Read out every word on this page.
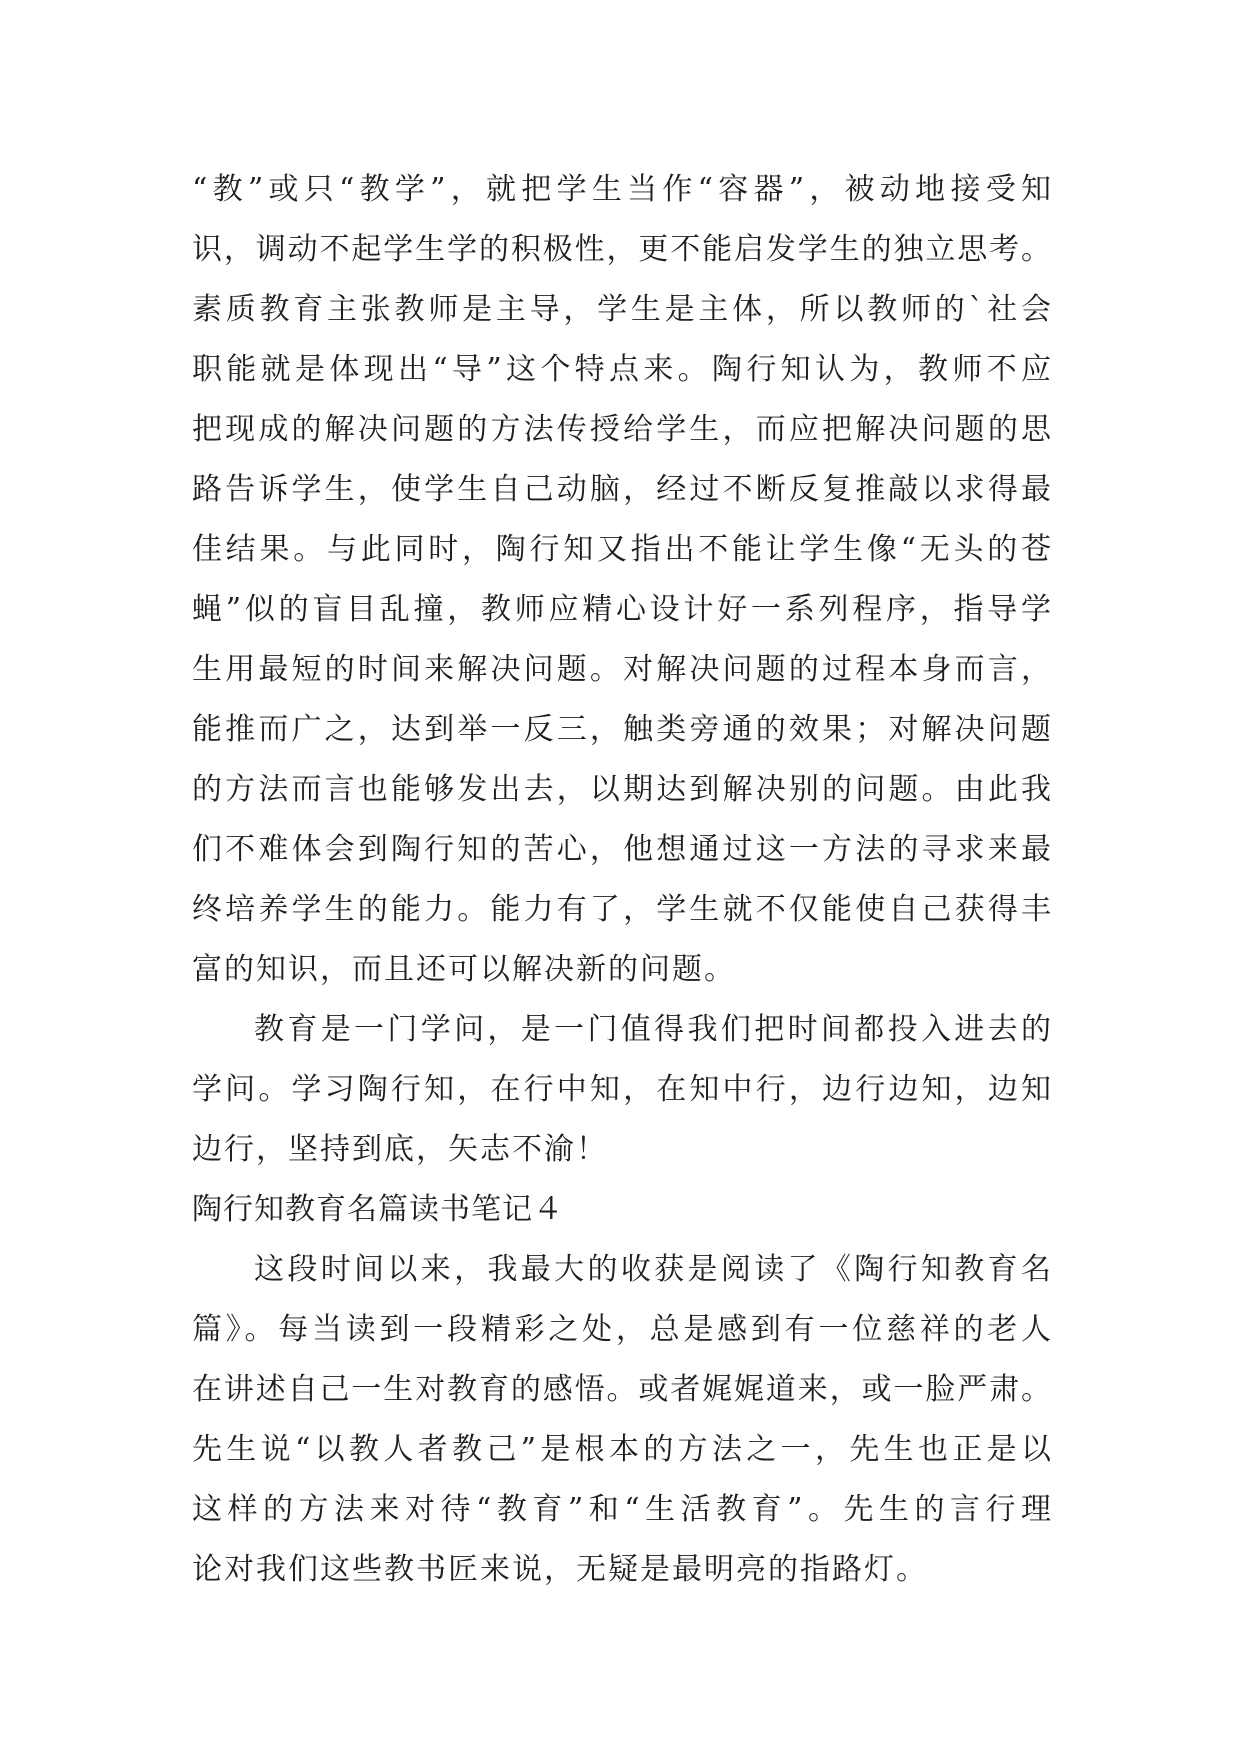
“教”或只“教学”，就把学生当作“容器”，被动地接受知
识，调动不起学生学的积极性，更不能启发学生的独立思考。
素质教育主张教师是主导，学生是主体，所以教师的`社会
职能就是体现出“导”这个特点来。陶行知认为，教师不应
把现成的解决问题的方法传授给学生，而应把解决问题的思
路告诉学生，使学生自己动脑，经过不断反复推敲以求得最
佳结果。与此同时，陶行知又指出不能让学生像“无头的苍
蝇”似的盲目乱撞，教师应精心设计好一系列程序，指导学
生用最短的时间来解决问题。对解决问题的过程本身而言，
能推而广之，达到举一反三，触类旁通的效果；对解决问题
的方法而言也能够发出去，以期达到解决别的问题。由此我
们不难体会到陶行知的苦心，他想通过这一方法的寻求来最
终培养学生的能力。能力有了，学生就不仅能使自己获得丰
富的知识，而且还可以解决新的问题。
教育是一门学问，是一门值得我们把时间都投入进去的
学问。学习陶行知，在行中知，在知中行，边行边知，边知
边行，坚持到底，矢志不渝！
陶行知教育名篇读书笔记４
这段时间以来，我最大的收获是阅读了《陶行知教育名
篇》。每当读到一段精彩之处，总是感到有一位慈祥的老人
在讲述自己一生对教育的感悟。或者娓娓道来，或一脸严肃。
先生说“以教人者教己”是根本的方法之一，先生也正是以
这样的方法来对待“教育”和“生活教育”。先生的言行理
论对我们这些教书匠来说，无疑是最明亮的指路灯。
